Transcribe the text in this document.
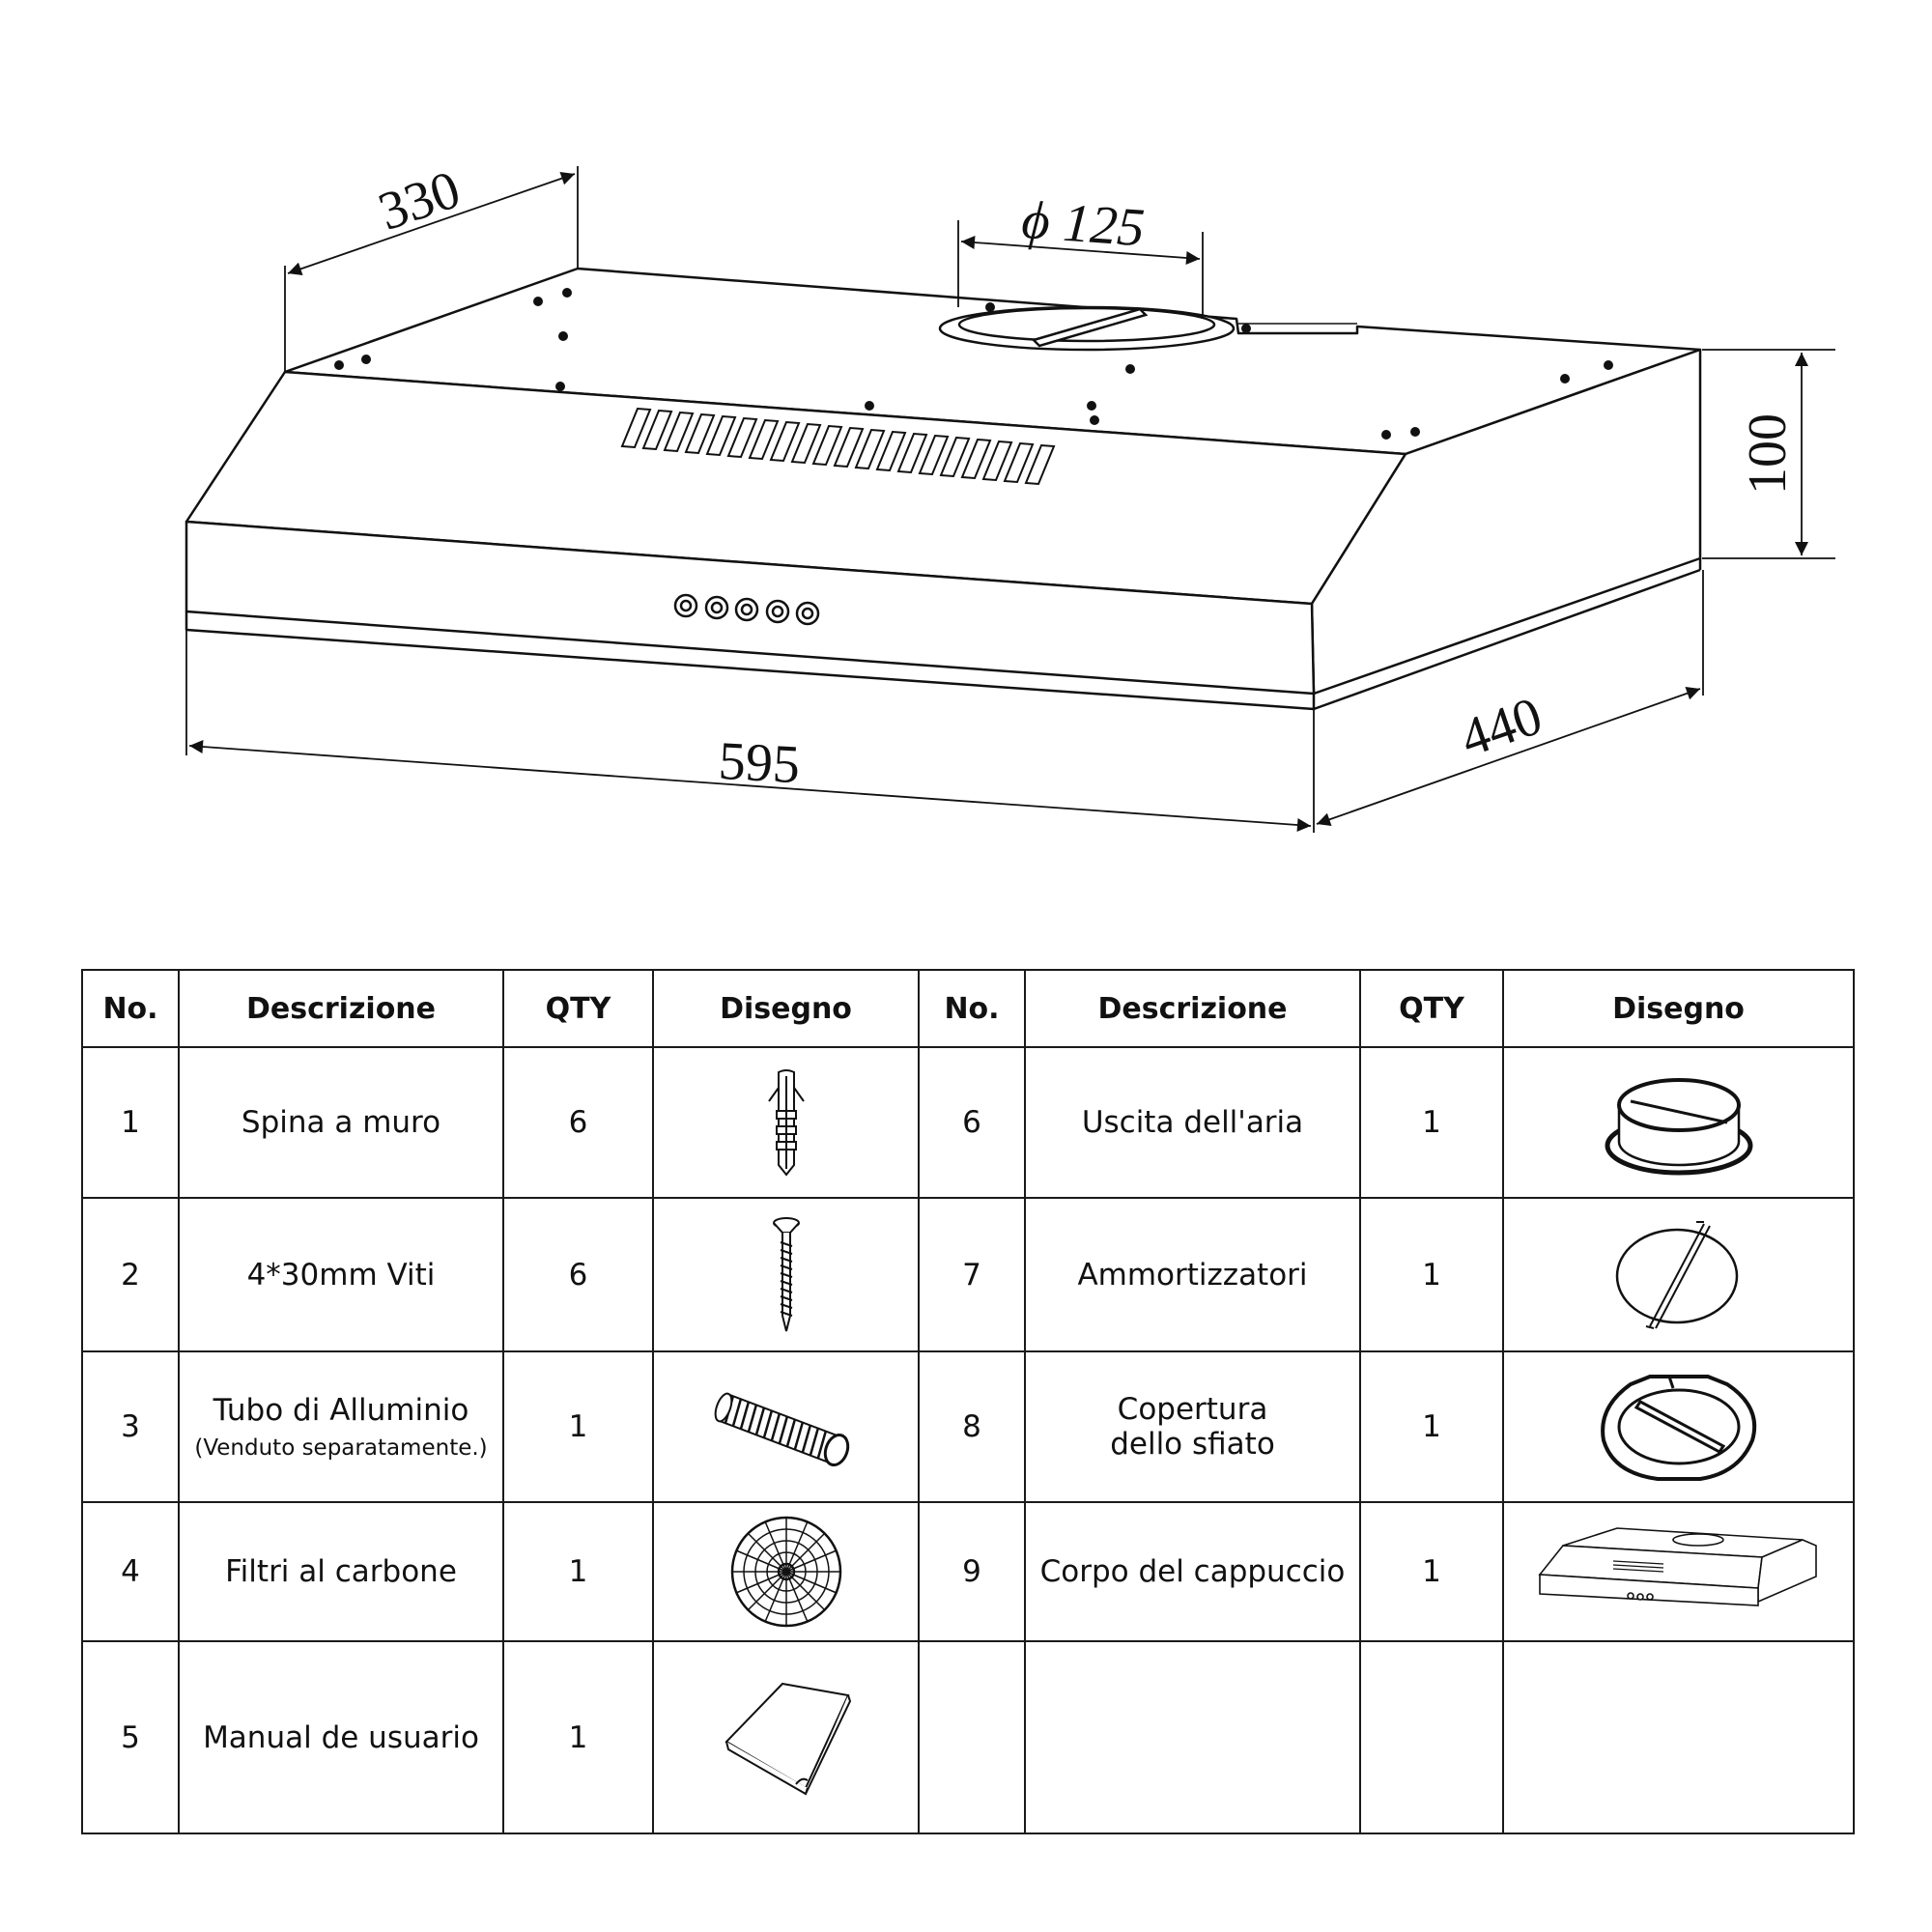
330	ϕ 125
100
595	440
No.	Descrizione	QTY	Disegno	No.	Descrizione	QTY	Disegno
1	Spina a muro	6		6	Uscita dell'aria	1	

2	4*30mm Viti	6		7	Ammortizzatori	1	

3	Tubo di Alluminio
(Venduto separatamente.)	1		8	Copertura
dello sfiato	1	

4	Filtri al carbone	1		9	Corpo del cappuccio	1	

5	Manual de usuario	1	
